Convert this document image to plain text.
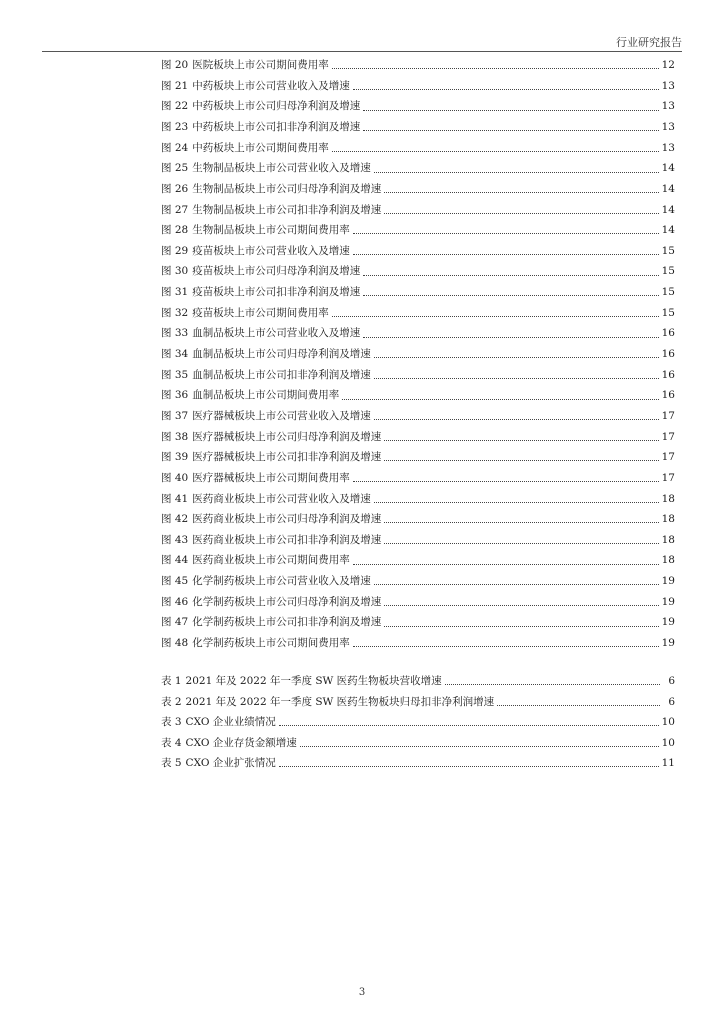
行业研究报告
图 20 医院板块上市公司期间费用率	12
图 21 中药板块上市公司营业收入及增速	13
图 22 中药板块上市公司归母净利润及增速	13
图 23 中药板块上市公司扣非净利润及增速	13
图 24 中药板块上市公司期间费用率	13
图 25 生物制品板块上市公司营业收入及增速	14
图 26 生物制品板块上市公司归母净利润及增速	14
图 27 生物制品板块上市公司扣非净利润及增速	14
图 28 生物制品板块上市公司期间费用率	14
图 29 疫苗板块上市公司营业收入及增速	15
图 30 疫苗板块上市公司归母净利润及增速	15
图 31 疫苗板块上市公司扣非净利润及增速	15
图 32 疫苗板块上市公司期间费用率	15
图 33 血制品板块上市公司营业收入及增速	16
图 34 血制品板块上市公司归母净利润及增速	16
图 35 血制品板块上市公司扣非净利润及增速	16
图 36 血制品板块上市公司期间费用率	16
图 37 医疗器械板块上市公司营业收入及增速	17
图 38 医疗器械板块上市公司归母净利润及增速	17
图 39 医疗器械板块上市公司扣非净利润及增速	17
图 40 医疗器械板块上市公司期间费用率	17
图 41 医药商业板块上市公司营业收入及增速	18
图 42 医药商业板块上市公司归母净利润及增速	18
图 43 医药商业板块上市公司扣非净利润及增速	18
图 44 医药商业板块上市公司期间费用率	18
图 45 化学制药板块上市公司营业收入及增速	19
图 46 化学制药板块上市公司归母净利润及增速	19
图 47 化学制药板块上市公司扣非净利润及增速	19
图 48 化学制药板块上市公司期间费用率	19
表 1 2021 年及 2022 年一季度 SW 医药生物板块营收增速	6
表 2 2021 年及 2022 年一季度 SW 医药生物板块归母扣非净利润增速	6
表 3 CXO 企业业绩情况	10
表 4 CXO 企业存货金额增速	10
表 5 CXO 企业扩张情况	11
3
